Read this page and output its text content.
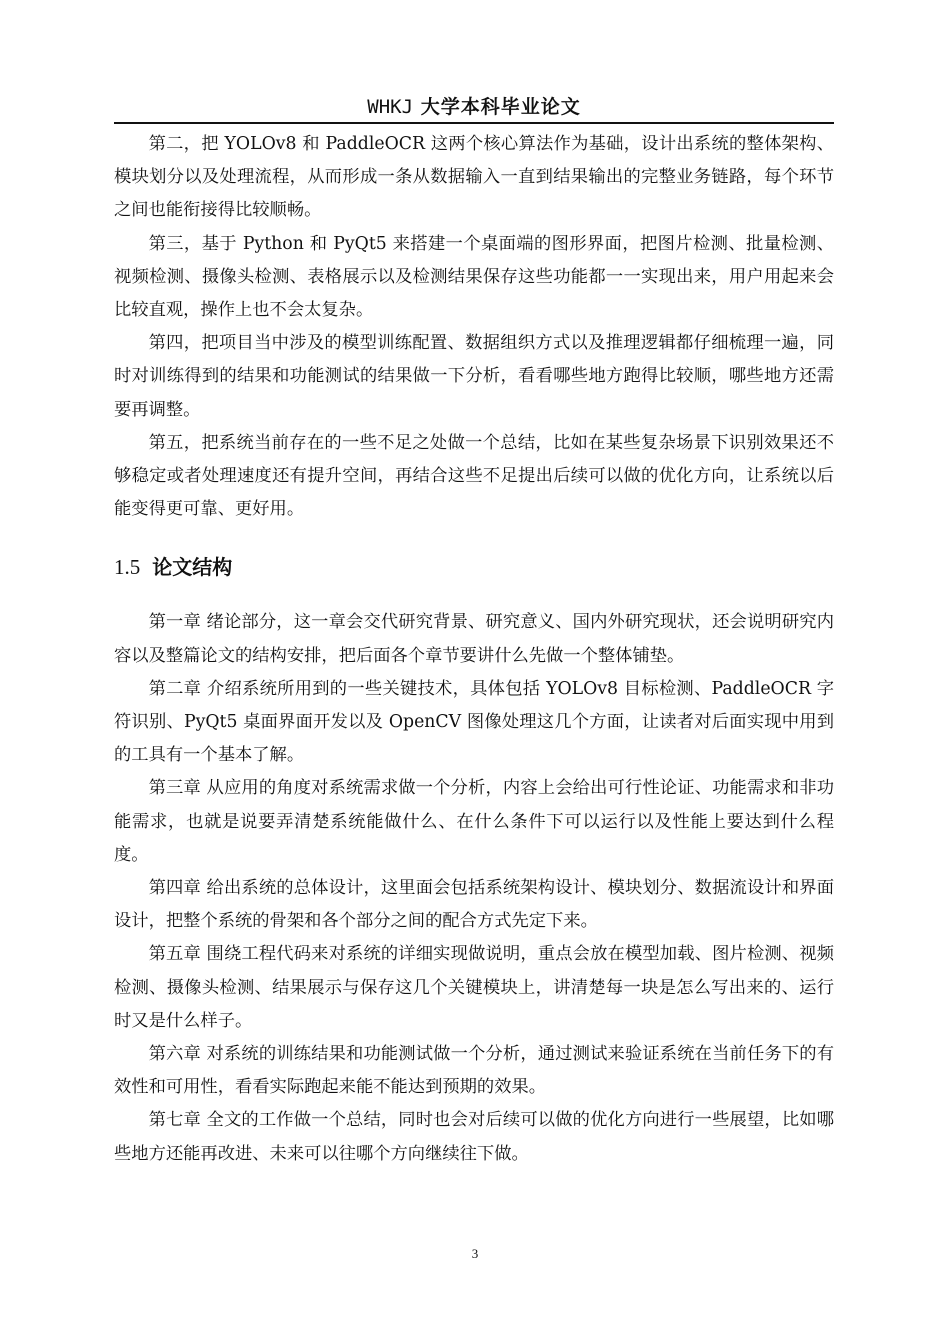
WHKJ 大学本科毕业论文

第二，把 YOLOv8 和 PaddleOCR 这两个核心算法作为基础，设计出系统的整体架构、模块划分以及处理流程，从而形成一条从数据输入一直到结果输出的完整业务链路，每个环节之间也能衔接得比较顺畅。

第三，基于 Python 和 PyQt5 来搭建一个桌面端的图形界面，把图片检测、批量检测、视频检测、摄像头检测、表格展示以及检测结果保存这些功能都一一实现出来，用户用起来会比较直观，操作上也不会太复杂。

第四，把项目当中涉及的模型训练配置、数据组织方式以及推理逻辑都仔细梳理一遍，同时对训练得到的结果和功能测试的结果做一下分析，看看哪些地方跑得比较顺，哪些地方还需要再调整。

第五，把系统当前存在的一些不足之处做一个总结，比如在某些复杂场景下识别效果还不够稳定或者处理速度还有提升空间，再结合这些不足提出后续可以做的优化方向，让系统以后能变得更可靠、更好用。

1.5 论文结构

第一章 绪论部分，这一章会交代研究背景、研究意义、国内外研究现状，还会说明研究内容以及整篇论文的结构安排，把后面各个章节要讲什么先做一个整体铺垫。

第二章 介绍系统所用到的一些关键技术，具体包括 YOLOv8 目标检测、PaddleOCR 字符识别、PyQt5 桌面界面开发以及 OpenCV 图像处理这几个方面，让读者对后面实现中用到的工具有一个基本了解。

第三章 从应用的角度对系统需求做一个分析，内容上会给出可行性论证、功能需求和非功能需求，也就是说要弄清楚系统能做什么、在什么条件下可以运行以及性能上要达到什么程度。

第四章 给出系统的总体设计，这里面会包括系统架构设计、模块划分、数据流设计和界面设计，把整个系统的骨架和各个部分之间的配合方式先定下来。

第五章 围绕工程代码来对系统的详细实现做说明，重点会放在模型加载、图片检测、视频检测、摄像头检测、结果展示与保存这几个关键模块上，讲清楚每一块是怎么写出来的、运行时又是什么样子。

第六章 对系统的训练结果和功能测试做一个分析，通过测试来验证系统在当前任务下的有效性和可用性，看看实际跑起来能不能达到预期的效果。

第七章 全文的工作做一个总结，同时也会对后续可以做的优化方向进行一些展望，比如哪些地方还能再改进、未来可以往哪个方向继续往下做。

3
